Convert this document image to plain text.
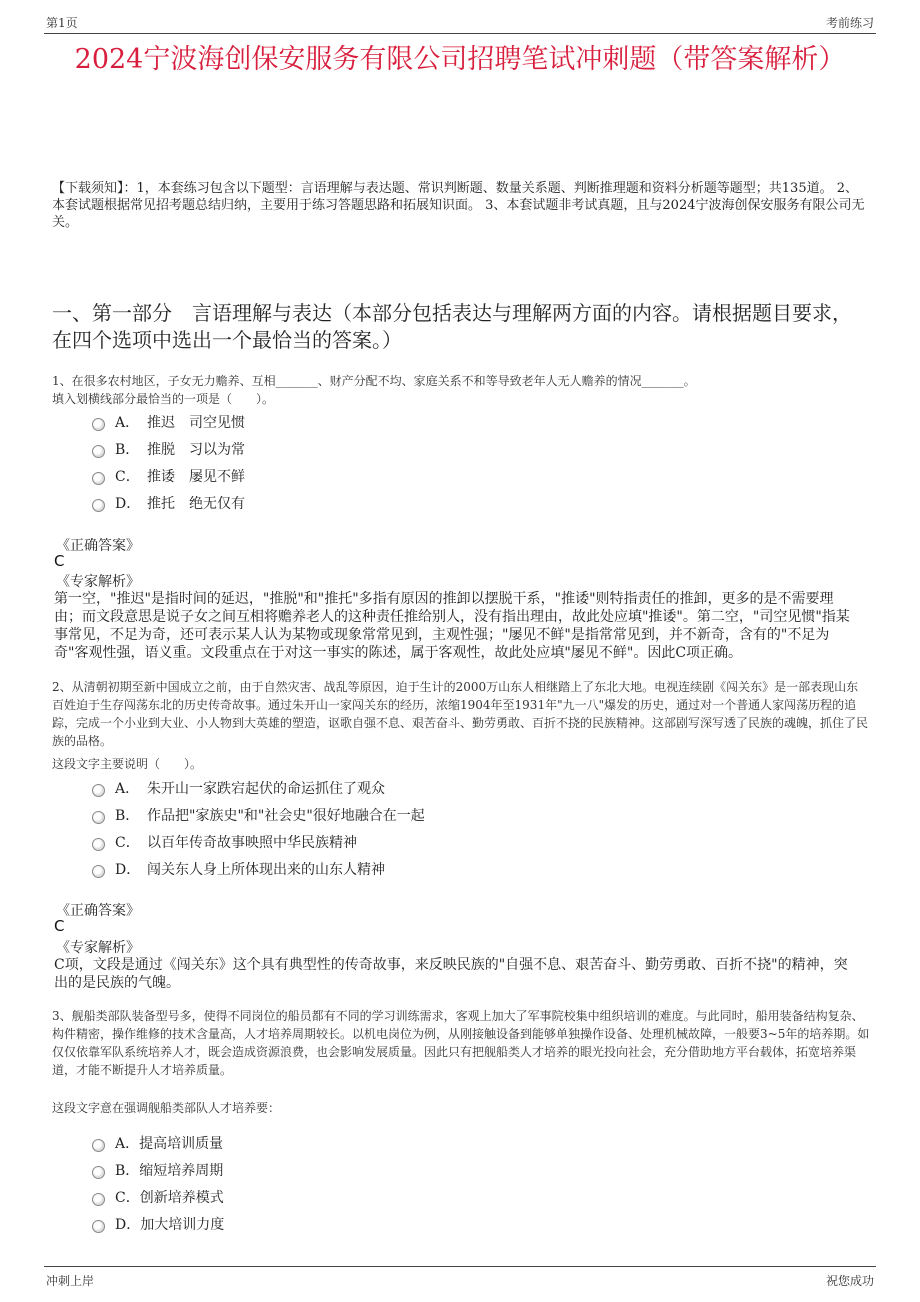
第1页	考前练习
2024宁波海创保安服务有限公司招聘笔试冲刺题（带答案解析）
【下载须知】：1，本套练习包含以下题型：言语理解与表达题、常识判断题、数量关系题、判断推理题和资料分析题等题型；共135道。 2、本套试题根据常见招考题总结归纳，主要用于练习答题思路和拓展知识面。 3、本套试题非考试真题，且与2024宁波海创保安服务有限公司无关。
一、第一部分　言语理解与表达（本部分包括表达与理解两方面的内容。请根据题目要求，在四个选项中选出一个最恰当的答案。）
1、在很多农村地区，子女无力赡养、互相_______、财产分配不均、家庭关系不和等导致老年人无人赡养的情况_______。
填入划横线部分最恰当的一项是（　　）。
A． 推迟　司空见惯
B． 推脱　习以为常
C． 推诿　屡见不鲜
D． 推托　绝无仅有
《正确答案》
C
《专家解析》
第一空，"推迟"是指时间的延迟，"推脱"和"推托"多指有原因的推卸以摆脱干系，"推诿"则特指责任的推卸，更多的是不需要理由；而文段意思是说子女之间互相将赡养老人的这种责任推给别人，没有指出理由，故此处应填"推诿"。第二空，"司空见惯"指某事常见，不足为奇，还可表示某人认为某物或现象常常见到，主观性强；"屡见不鲜"是指常常见到，并不新奇，含有的"不足为奇"客观性强，语义重。文段重点在于对这一事实的陈述，属于客观性，故此处应填"屡见不鲜"。因此C项正确。
2、从清朝初期至新中国成立之前，由于自然灾害、战乱等原因，迫于生计的2000万山东人相继踏上了东北大地。电视连续剧《闯关东》是一部表现山东百姓迫于生存闯荡东北的历史传奇故事。通过朱开山一家闯关东的经历，浓缩1904年至1931年"九一八"爆发的历史，通过对一个普通人家闯荡历程的追踪，完成一个小业到大业、小人物到大英雄的塑造，讴歌自强不息、艰苦奋斗、勤劳勇敢、百折不挠的民族精神。这部剧写深写透了民族的魂魄，抓住了民族的品格。
这段文字主要说明（　　）。
A． 朱开山一家跌宕起伏的命运抓住了观众
B． 作品把"家族史"和"社会史"很好地融合在一起
C． 以百年传奇故事映照中华民族精神
D． 闯关东人身上所体现出来的山东人精神
《正确答案》
C
《专家解析》
C项，文段是通过《闯关东》这个具有典型性的传奇故事，来反映民族的"自强不息、艰苦奋斗、勤劳勇敢、百折不挠"的精神，突出的是民族的气魄。
3、舰船类部队装备型号多，使得不同岗位的船员都有不同的学习训练需求，客观上加大了军事院校集中组织培训的难度。与此同时，船用装备结构复杂、构件精密，操作维修的技术含量高，人才培养周期较长。以机电岗位为例，从刚接触设备到能够单独操作设备、处理机械故障，一般要3~5年的培养期。如仅仅依靠军队系统培养人才，既会造成资源浪费，也会影响发展质量。因此只有把舰船类人才培养的眼光投向社会，充分借助地方平台载体，拓宽培养渠道，才能不断提升人才培养质量。
这段文字意在强调舰船类部队人才培养要：
A． 提高培训质量
B． 缩短培养周期
C． 创新培养模式
D． 加大培训力度
冲刺上岸	祝您成功
